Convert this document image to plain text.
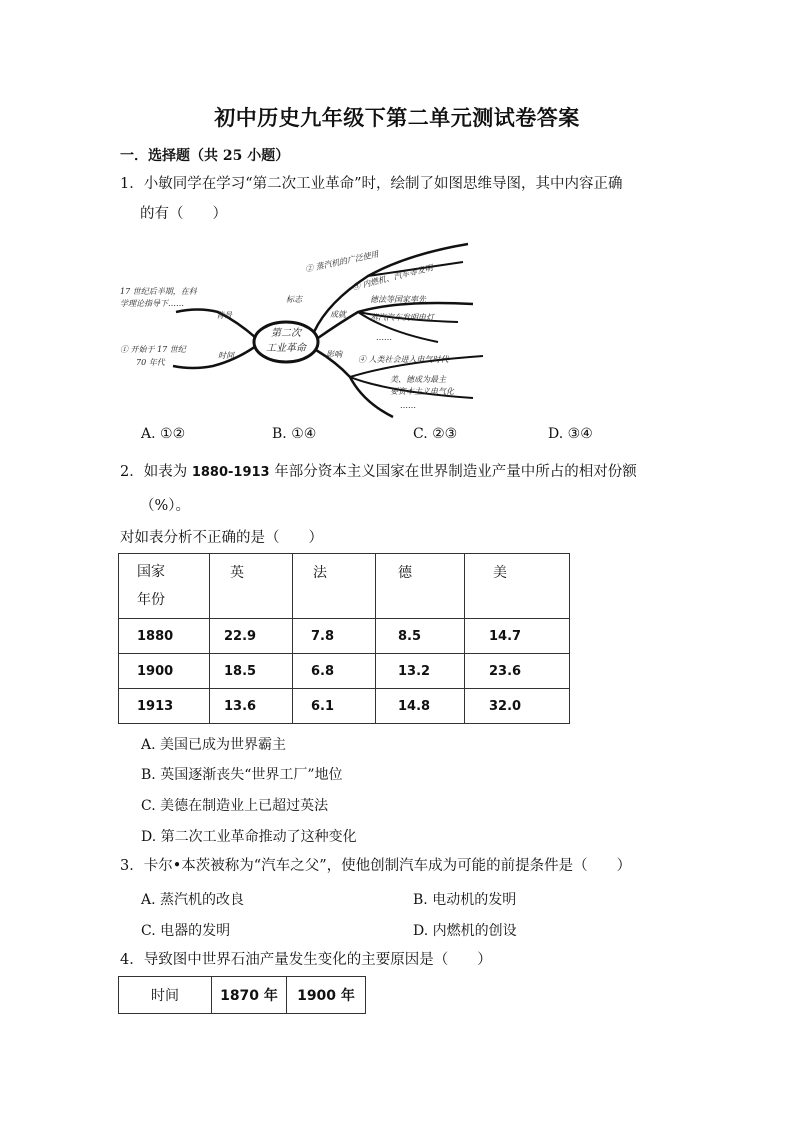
初中历史九年级下第二单元测试卷答案
一．选择题（共 25 小题）
1．小敏同学在学习“第二次工业革命”时，绘制了如图思维导图，其中内容正确
的有（　　）
第二次
工业革命
背景
时间
17 世纪后半期，在科
学理论指导下……
① 开始于 17 世纪
70 年代
标志
② 蒸汽机的广泛使用
③ 内燃机、汽车等发明
成就
德法等国家率先
蒸汽汽车发明电灯
……
影响
④ 人类社会进入电气时代
美、德成为最主
要资本主义电气化
……
A. ①②	B. ①④	C. ②③	D. ③④
2．如表为 1880-1913 年部分资本主义国家在世界制造业产量中所占的相对份额
（%）。
对如表分析不正确的是（　　）
国家
年份	英	法	德	美
1880	22.9	7.8	8.5	14.7
1900	18.5	6.8	13.2	23.6
1913	13.6	6.1	14.8	32.0
A. 美国已成为世界霸主
B. 英国逐渐丧失“世界工厂”地位
C. 美德在制造业上已超过英法
D. 第二次工业革命推动了这种变化
3．卡尔•本茨被称为“汽车之父”，使他创制汽车成为可能的前提条件是（　　）
A. 蒸汽机的改良	B. 电动机的发明
C. 电器的发明	D. 内燃机的创设
4．导致图中世界石油产量发生变化的主要原因是（　　）
时间	1870 年	1900 年
